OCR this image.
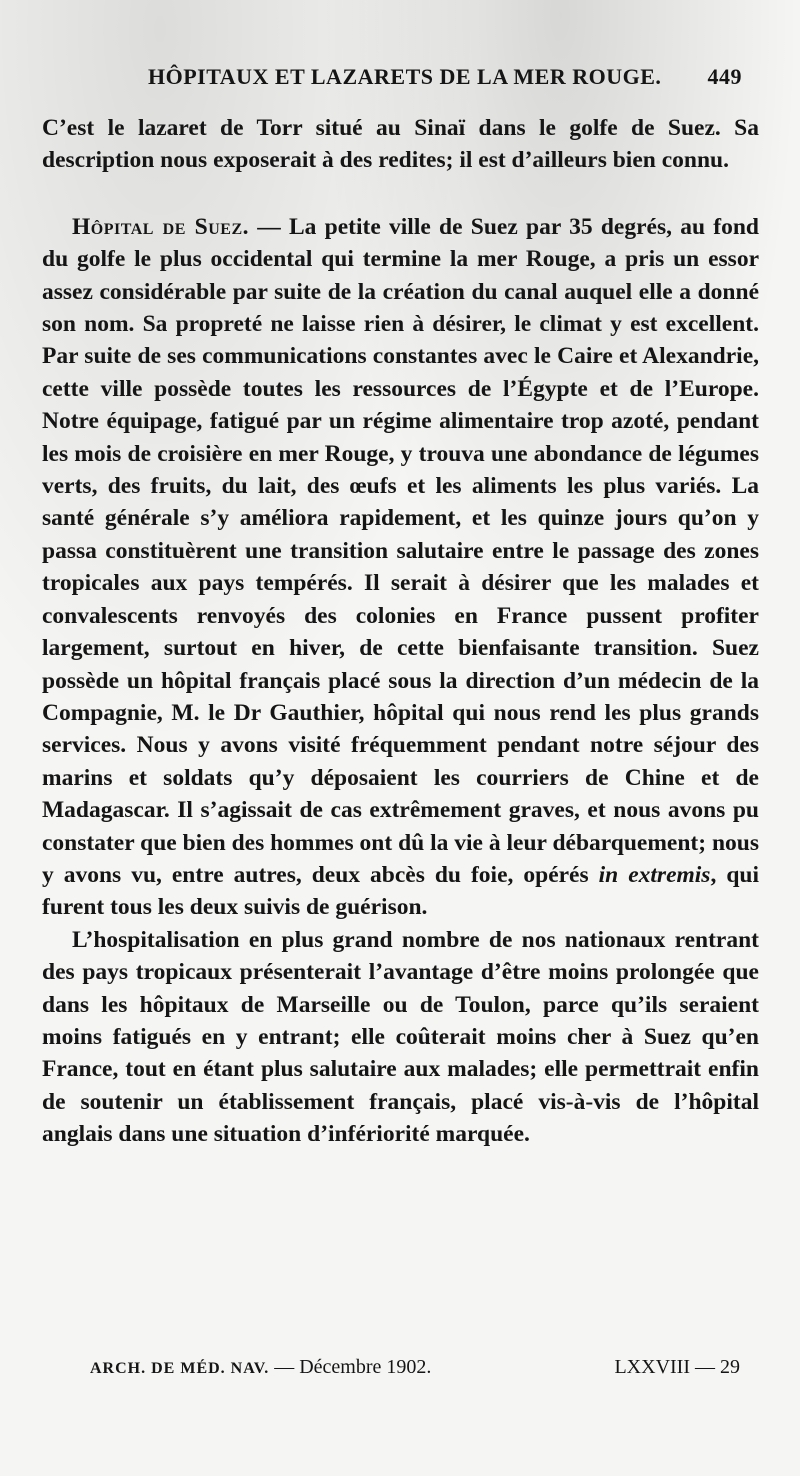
HÔPITAUX ET LAZARETS DE LA MER ROUGE. 449

C’est le lazaret de Torr situé au Sinaï dans le golfe de Suez. Sa description nous exposerait à des redites; il est d’ailleurs bien connu.

Hôpital de Suez. — La petite ville de Suez par 35 degrés, au fond du golfe le plus occidental qui termine la mer Rouge, a pris un essor assez considérable par suite de la création du canal auquel elle a donné son nom. Sa propreté ne laisse rien à désirer, le climat y est excellent. Par suite de ses communications constantes avec le Caire et Alexandrie, cette ville possède toutes les ressources de l’Égypte et de l’Europe. Notre équipage, fatigué par un régime alimentaire trop azoté, pendant les mois de croisière en mer Rouge, y trouva une abondance de légumes verts, des fruits, du lait, des œufs et les aliments les plus variés. La santé générale s’y améliora rapidement, et les quinze jours qu’on y passa constituèrent une transition salutaire entre le passage des zones tropicales aux pays tempérés. Il serait à désirer que les malades et convalescents renvoyés des colonies en France pussent profiter largement, surtout en hiver, de cette bienfaisante transition. Suez possède un hôpital français placé sous la direction d’un médecin de la Compagnie, M. le Dr Gauthier, hôpital qui nous rend les plus grands services. Nous y avons visité fréquemment pendant notre séjour des marins et soldats qu’y déposaient les courriers de Chine et de Madagascar. Il s’agissait de cas extrêmement graves, et nous avons pu constater que bien des hommes ont dû la vie à leur débarquement; nous y avons vu, entre autres, deux abcès du foie, opérés in extremis, qui furent tous les deux suivis de guérison.

L’hospitalisation en plus grand nombre de nos nationaux rentrant des pays tropicaux présenterait l’avantage d’être moins prolongée que dans les hôpitaux de Marseille ou de Toulon, parce qu’ils seraient moins fatigués en y entrant; elle coûterait moins cher à Suez qu’en France, tout en étant plus salutaire aux malades; elle permettrait enfin de soutenir un établissement français, placé vis-à-vis de l’hôpital anglais dans une situation d’infériorité marquée.

ARCH. DE MÉD. NAV. — Décembre 1902.	LXXVIII — 29
